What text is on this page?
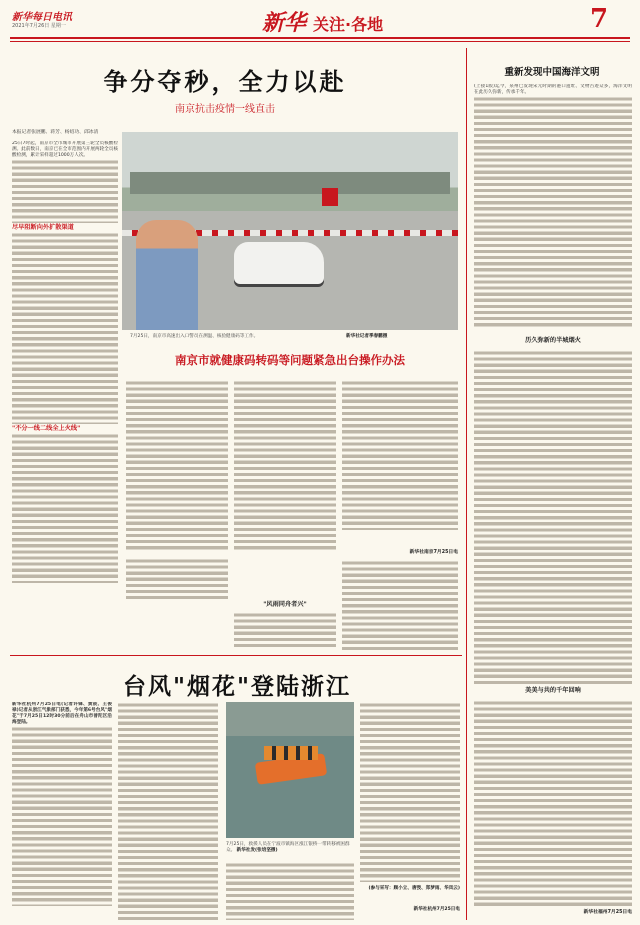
新华每日电讯
2021年7月26日 星期一	新华 关注·各地	7
争分夺秒，全力以赴
南京抗击疫情一线直击
本报记者张展鹏、蒋芳、杨绍功、邱冰清
25日7时起，南京市全市城市开展第三轮全员核酸检测。此前数日，南京已在全市范围内开展两轮全员核酸检测，累计采样超过1000万人次。
尽早阻断向外扩散渠道
"不分一线二线全上火线"
7月25日，南京市高速出入口警员在测温、核验健康码等工作。	新华社记者季春鹏摄
南京市就健康码转码等问题紧急出台操作办法
新华社南京7月25日电
"风雨同舟者兴"
台风"烟花"登陆浙江
新华社杭州7月25日电(记者许锋、黄筱、王俊禄)记者从浙江气象部门获悉，今年第6号台风"烟花"于7月25日12时30分前后在舟山市普陀区沿海登陆。
7月25日，救援人员在宁波市镇海区涨江银桥一带转移被困群众。 新华社发(张培坚摄)
(参与采写：顾小立、唐弢、郑梦雨、华凤云)
新华社杭州7月25日电
重新发现中国海洋文明
(上接1版)迄今，泉州已发现宋元时期的港口遗址、文物古迹众多，海洋文明在此历久弥新，传承千年。
历久弥新的半城烟火
美美与共的千年回响
新华社福州7月25日电
